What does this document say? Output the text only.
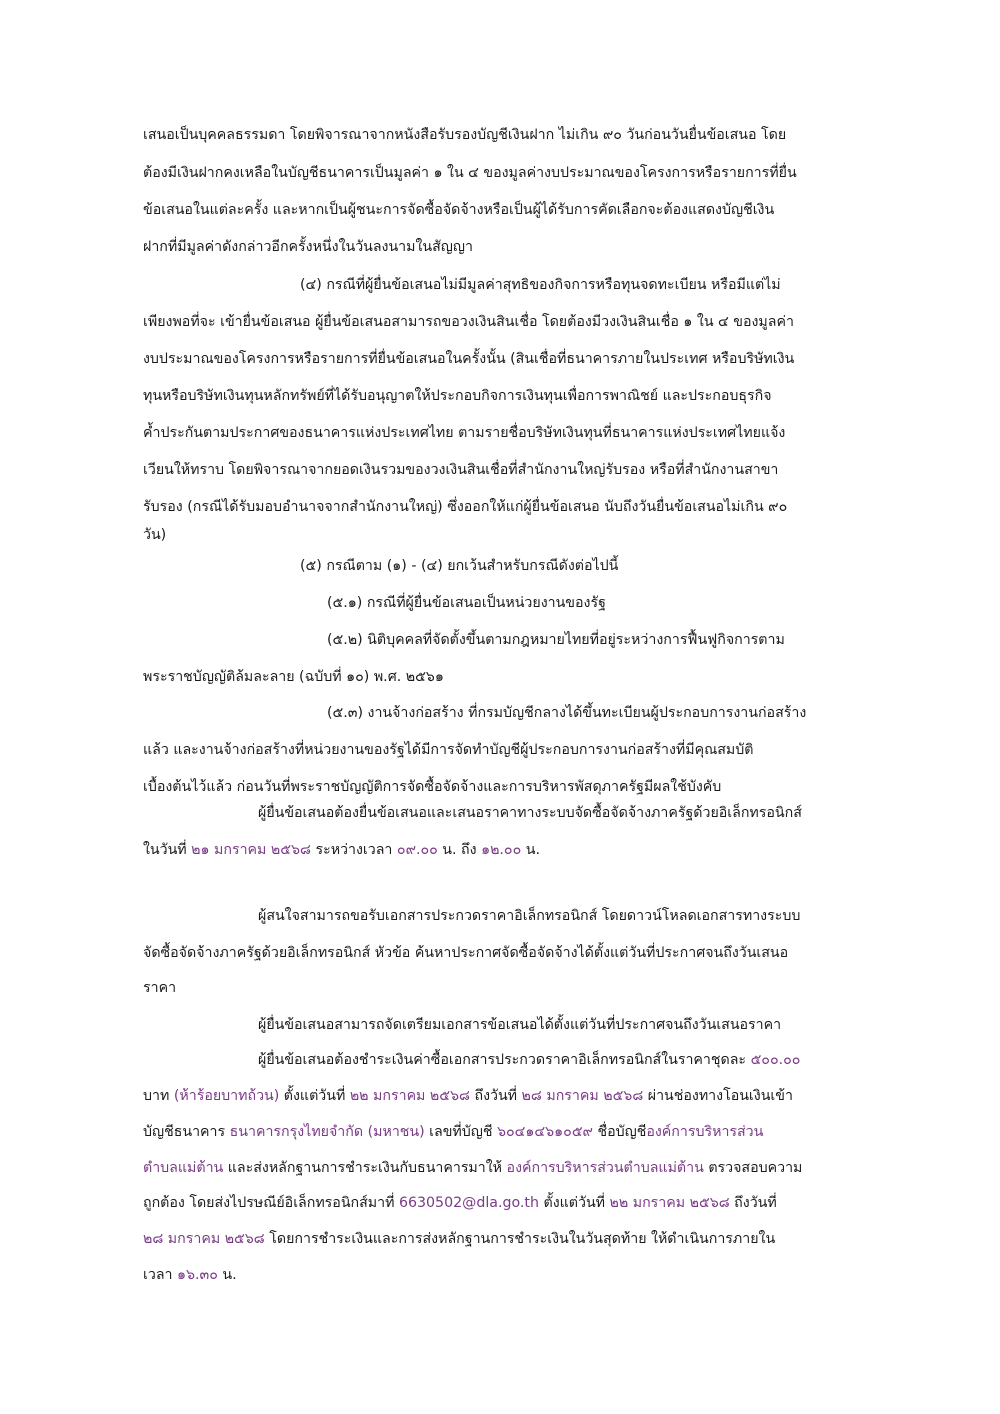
เสนอเป็นบุคคลธรรมดา โดยพิจารณาจากหนังสือรับรองบัญชีเงินฝาก ไม่เกิน ๙๐ วันก่อนวันยื่นข้อเสนอ โดย
ต้องมีเงินฝากคงเหลือในบัญชีธนาคารเป็นมูลค่า ๑ ใน ๔ ของมูลค่างบประมาณของโครงการหรือรายการที่ยื่น
ข้อเสนอในแต่ละครั้ง และหากเป็นผู้ชนะการจัดซื้อจัดจ้างหรือเป็นผู้ได้รับการคัดเลือกจะต้องแสดงบัญชีเงิน
ฝากที่มีมูลค่าดังกล่าวอีกครั้งหนึ่งในวันลงนามในสัญญา
(๔) กรณีที่ผู้ยื่นข้อเสนอไม่มีมูลค่าสุทธิของกิจการหรือทุนจดทะเบียน หรือมีแต่ไม่
เพียงพอที่จะ เข้ายื่นข้อเสนอ ผู้ยื่นข้อเสนอสามารถขอวงเงินสินเชื่อ โดยต้องมีวงเงินสินเชื่อ ๑ ใน ๔ ของมูลค่า
งบประมาณของโครงการหรือรายการที่ยื่นข้อเสนอในครั้งนั้น (สินเชื่อที่ธนาคารภายในประเทศ หรือบริษัทเงิน
ทุนหรือบริษัทเงินทุนหลักทรัพย์ที่ได้รับอนุญาตให้ประกอบกิจการเงินทุนเพื่อการพาณิชย์ และประกอบธุรกิจ
ค้ำประกันตามประกาศของธนาคารแห่งประเทศไทย ตามรายชื่อบริษัทเงินทุนที่ธนาคารแห่งประเทศไทยแจ้ง
เวียนให้ทราบ โดยพิจารณาจากยอดเงินรวมของวงเงินสินเชื่อที่สำนักงานใหญ่รับรอง หรือที่สำนักงานสาขา
รับรอง (กรณีได้รับมอบอำนาจจากสำนักงานใหญ่) ซึ่งออกให้แก่ผู้ยื่นข้อเสนอ นับถึงวันยื่นข้อเสนอไม่เกิน ๙๐
วัน)
(๕) กรณีตาม (๑) - (๔) ยกเว้นสำหรับกรณีดังต่อไปนี้
(๕.๑) กรณีที่ผู้ยื่นข้อเสนอเป็นหน่วยงานของรัฐ
(๕.๒) นิติบุคคลที่จัดตั้งขึ้นตามกฎหมายไทยที่อยู่ระหว่างการฟื้นฟูกิจการตาม
พระราชบัญญัติล้มละลาย (ฉบับที่ ๑๐) พ.ศ. ๒๕๖๑
(๕.๓) งานจ้างก่อสร้าง ที่กรมบัญชีกลางได้ขึ้นทะเบียนผู้ประกอบการงานก่อสร้าง
แล้ว และงานจ้างก่อสร้างที่หน่วยงานของรัฐได้มีการจัดทำบัญชีผู้ประกอบการงานก่อสร้างที่มีคุณสมบัติ
เบื้องต้นไว้แล้ว ก่อนวันที่พระราชบัญญัติการจัดซื้อจัดจ้างและการบริหารพัสดุภาครัฐมีผลใช้บังคับ
ผู้ยื่นข้อเสนอต้องยื่นข้อเสนอและเสนอราคาทางระบบจัดซื้อจัดจ้างภาครัฐด้วยอิเล็กทรอนิกส์
ในวันที่ ๒๑ มกราคม ๒๕๖๘ ระหว่างเวลา ๐๙.๐๐ น. ถึง ๑๒.๐๐ น.
ผู้สนใจสามารถขอรับเอกสารประกวดราคาอิเล็กทรอนิกส์ โดยดาวน์โหลดเอกสารทางระบบ
จัดซื้อจัดจ้างภาครัฐด้วยอิเล็กทรอนิกส์ หัวข้อ ค้นหาประกาศจัดซื้อจัดจ้างได้ตั้งแต่วันที่ประกาศจนถึงวันเสนอ
ราคา
ผู้ยื่นข้อเสนอสามารถจัดเตรียมเอกสารข้อเสนอได้ตั้งแต่วันที่ประกาศจนถึงวันเสนอราคา
ผู้ยื่นข้อเสนอต้องชำระเงินค่าซื้อเอกสารประกวดราคาอิเล็กทรอนิกส์ในราคาชุดละ ๕๐๐.๐๐
บาท (ห้าร้อยบาทถ้วน) ตั้งแต่วันที่ ๒๒ มกราคม ๒๕๖๘ ถึงวันที่ ๒๘ มกราคม ๒๕๖๘ ผ่านช่องทางโอนเงินเข้า
บัญชีธนาคาร ธนาคารกรุงไทยจำกัด (มหาชน) เลขที่บัญชี ๖๐๔๑๔๖๑๐๕๙ ชื่อบัญชีองค์การบริหารส่วน
ตำบลแม่ต้าน และส่งหลักฐานการชำระเงินกับธนาคารมาให้ องค์การบริหารส่วนตำบลแม่ต้าน ตรวจสอบความ
ถูกต้อง โดยส่งไปรษณีย์อิเล็กทรอนิกส์มาที่ 6630502@dla.go.th ตั้งแต่วันที่ ๒๒ มกราคม ๒๕๖๘ ถึงวันที่
๒๘ มกราคม ๒๕๖๘ โดยการชำระเงินและการส่งหลักฐานการชำระเงินในวันสุดท้าย ให้ดำเนินการภายใน
เวลา ๑๖.๓๐ น.
